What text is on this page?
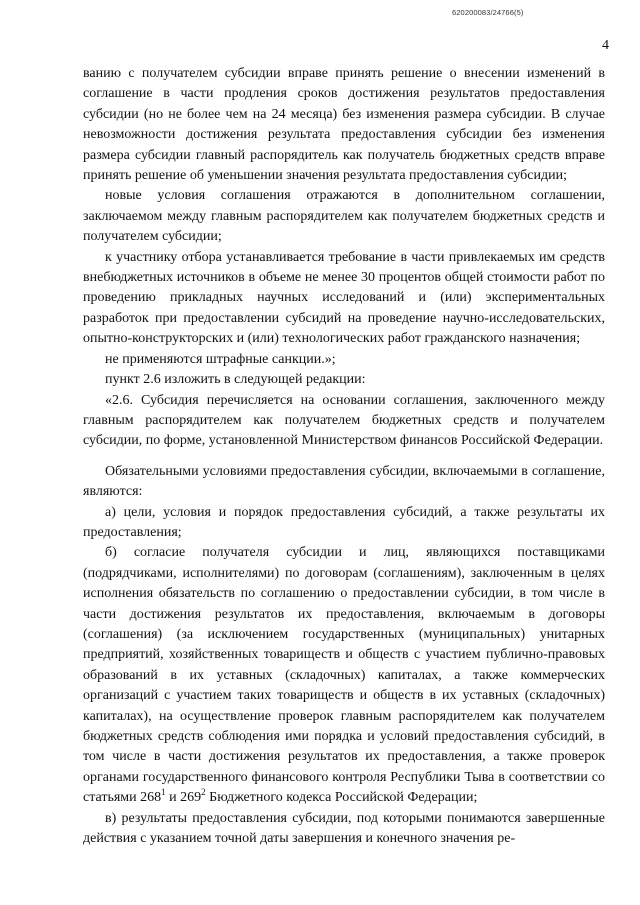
620200083/24766(5)
4

ванию с получателем субсидии вправе принять решение о внесении изменений в соглашение в части продления сроков достижения результатов предоставления субсидии (но не более чем на 24 месяца) без изменения размера субсидии. В случае невозможности достижения результата предоставления субсидии без изменения размера субсидии главный распорядитель как получатель бюджетных средств вправе принять решение об уменьшении значения результата предоставления субсидии;

новые условия соглашения отражаются в дополнительном соглашении, заключаемом между главным распорядителем как получателем бюджетных средств и получателем субсидии;

к участнику отбора устанавливается требование в части привлекаемых им средств внебюджетных источников в объеме не менее 30 процентов общей стоимости работ по проведению прикладных научных исследований и (или) экспериментальных разработок при предоставлении субсидий на проведение научно-исследовательских, опытно-конструкторских и (или) технологических работ гражданского назначения;

не применяются штрафные санкции.»;

пункт 2.6 изложить в следующей редакции:

«2.6. Субсидия перечисляется на основании соглашения, заключенного между главным распорядителем как получателем бюджетных средств и получателем субсидии, по форме, установленной Министерством финансов Российской Федерации.

Обязательными условиями предоставления субсидии, включаемыми в соглашение, являются:

а) цели, условия и порядок предоставления субсидий, а также результаты их предоставления;

б) согласие получателя субсидии и лиц, являющихся поставщиками (подрядчиками, исполнителями) по договорам (соглашениям), заключенным в целях исполнения обязательств по соглашению о предоставлении субсидии, в том числе в части достижения результатов их предоставления, включаемым в договоры (соглашения) (за исключением государственных (муниципальных) унитарных предприятий, хозяйственных товариществ и обществ с участием публично-правовых образований в их уставных (складочных) капиталах, а также коммерческих организаций с участием таких товариществ и обществ в их уставных (складочных) капиталах), на осуществление проверок главным распорядителем как получателем бюджетных средств соблюдения ими порядка и условий предоставления субсидий, в том числе в части достижения результатов их предоставления, а также проверок органами государственного финансового контроля Республики Тыва в соответствии со статьями $268^1$ и $269^2$ Бюджетного кодекса Российской Федерации;

в) результаты предоставления субсидии, под которыми понимаются завершенные действия с указанием точной даты завершения и конечного значения ре-
